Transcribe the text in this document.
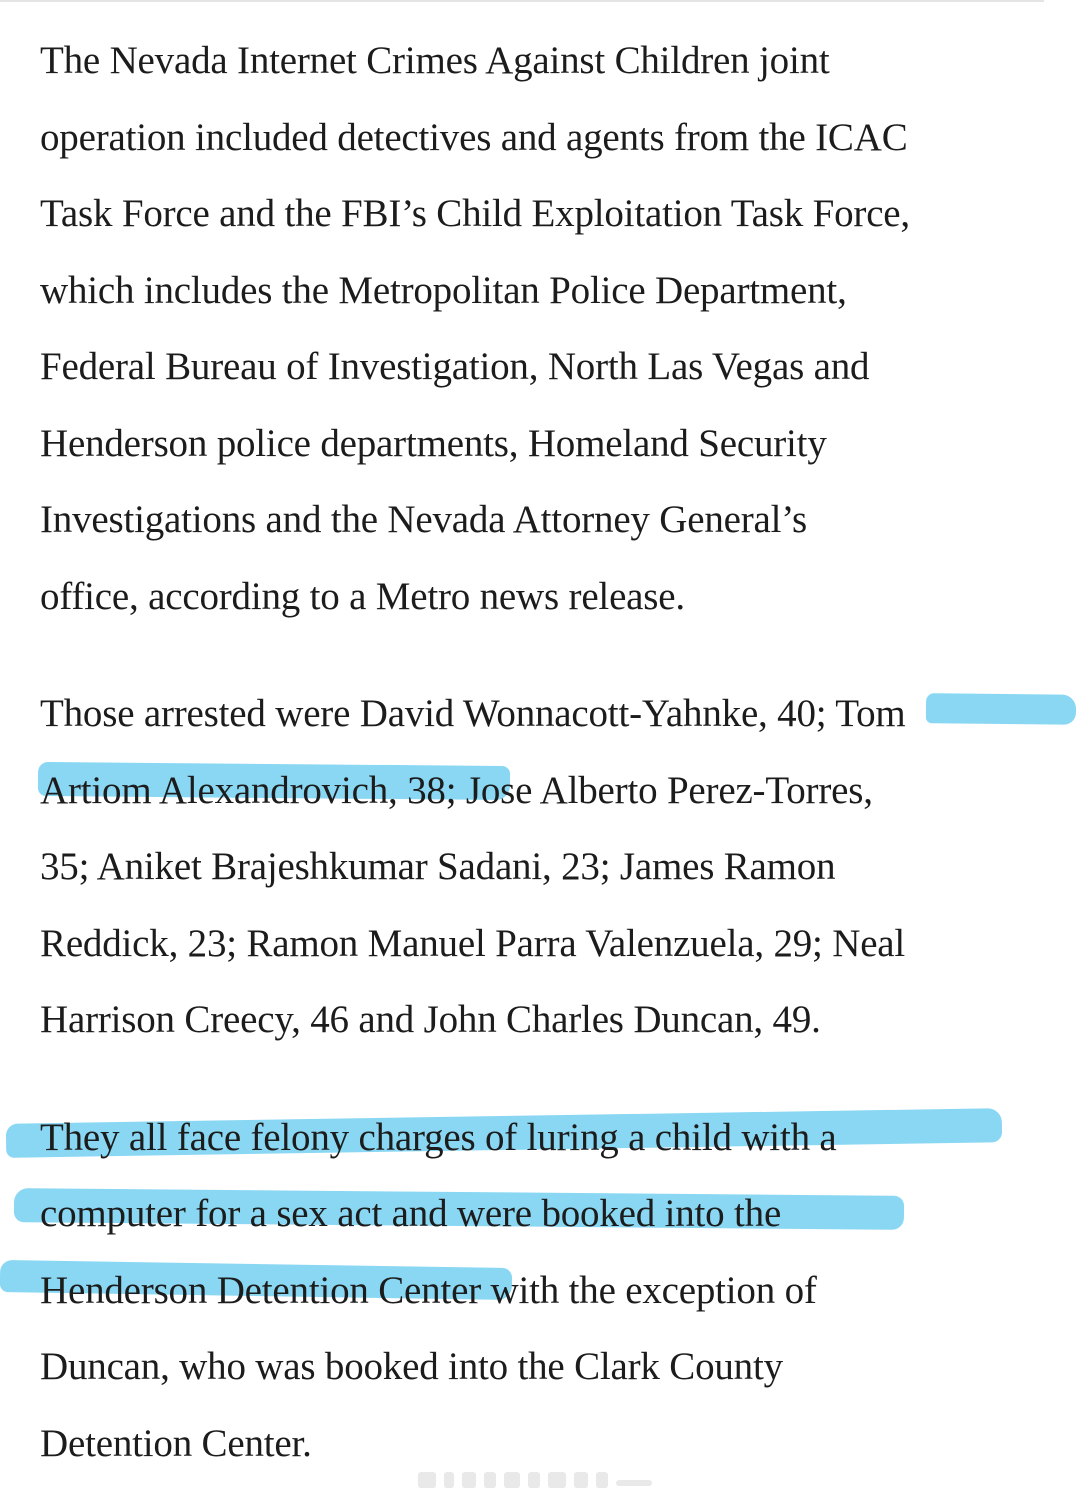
The Nevada Internet Crimes Against Children joint
operation included detectives and agents from the ICAC
Task Force and the FBI’s Child Exploitation Task Force,
which includes the Metropolitan Police Department,
Federal Bureau of Investigation, North Las Vegas and
Henderson police departments, Homeland Security
Investigations and the Nevada Attorney General’s
office, according to a Metro news release.

Those arrested were David Wonnacott-Yahnke, 40; Tom
Artiom Alexandrovich, 38; Jose Alberto Perez-Torres,
35; Aniket Brajeshkumar Sadani, 23; James Ramon
Reddick, 23; Ramon Manuel Parra Valenzuela, 29; Neal
Harrison Creecy, 46 and John Charles Duncan, 49.

They all face felony charges of luring a child with a
computer for a sex act and were booked into the
Henderson Detention Center with the exception of
Duncan, who was booked into the Clark County
Detention Center.
